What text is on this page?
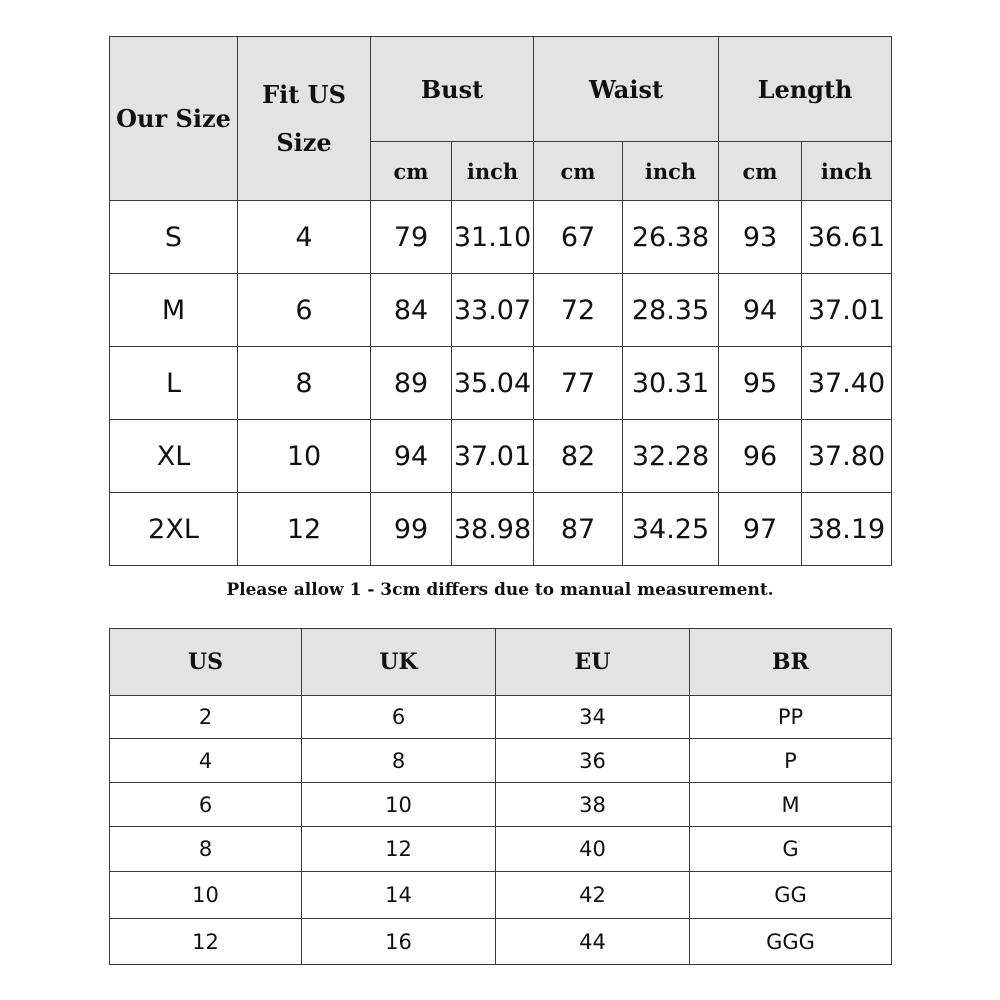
Our Size	Fit US Size	Bust		Waist		Length	
		cm	inch	cm	inch	cm	inch
S	4	79	31.10	67	26.38	93	36.61
M	6	84	33.07	72	28.35	94	37.01
L	8	89	35.04	77	30.31	95	37.40
XL	10	94	37.01	82	32.28	96	37.80
2XL	12	99	38.98	87	34.25	97	38.19
Please allow 1 - 3cm differs due to manual measurement.
US	UK	EU	BR
2	6	34	PP
4	8	36	P
6	10	38	M
8	12	40	G
10	14	42	GG
12	16	44	GGG
